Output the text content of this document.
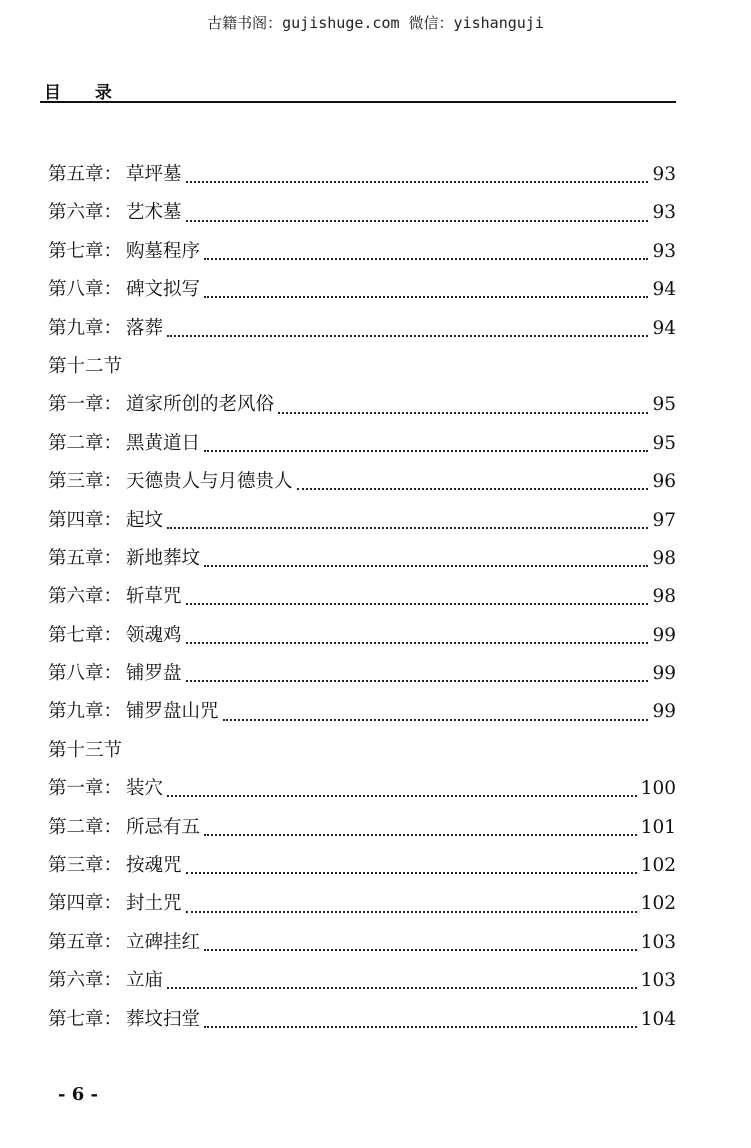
古籍书阁：gujishuge.com 微信：yishanguji
目 录
第五章： 草坪墓	93
第六章： 艺术墓	93
第七章： 购墓程序	93
第八章： 碑文拟写	94
第九章： 落葬	94
第十二节
第一章： 道家所创的老风俗	95
第二章： 黑黄道日	95
第三章： 天德贵人与月德贵人	96
第四章： 起坟	97
第五章： 新地葬坟	98
第六章： 斩草咒	98
第七章： 领魂鸡	99
第八章： 铺罗盘	99
第九章： 铺罗盘山咒	99
第十三节
第一章： 装穴	100
第二章： 所忌有五	101
第三章： 按魂咒	102
第四章： 封土咒	102
第五章： 立碑挂红	103
第六章： 立庙	103
第七章： 葬坟扫堂	104
- 6 -
